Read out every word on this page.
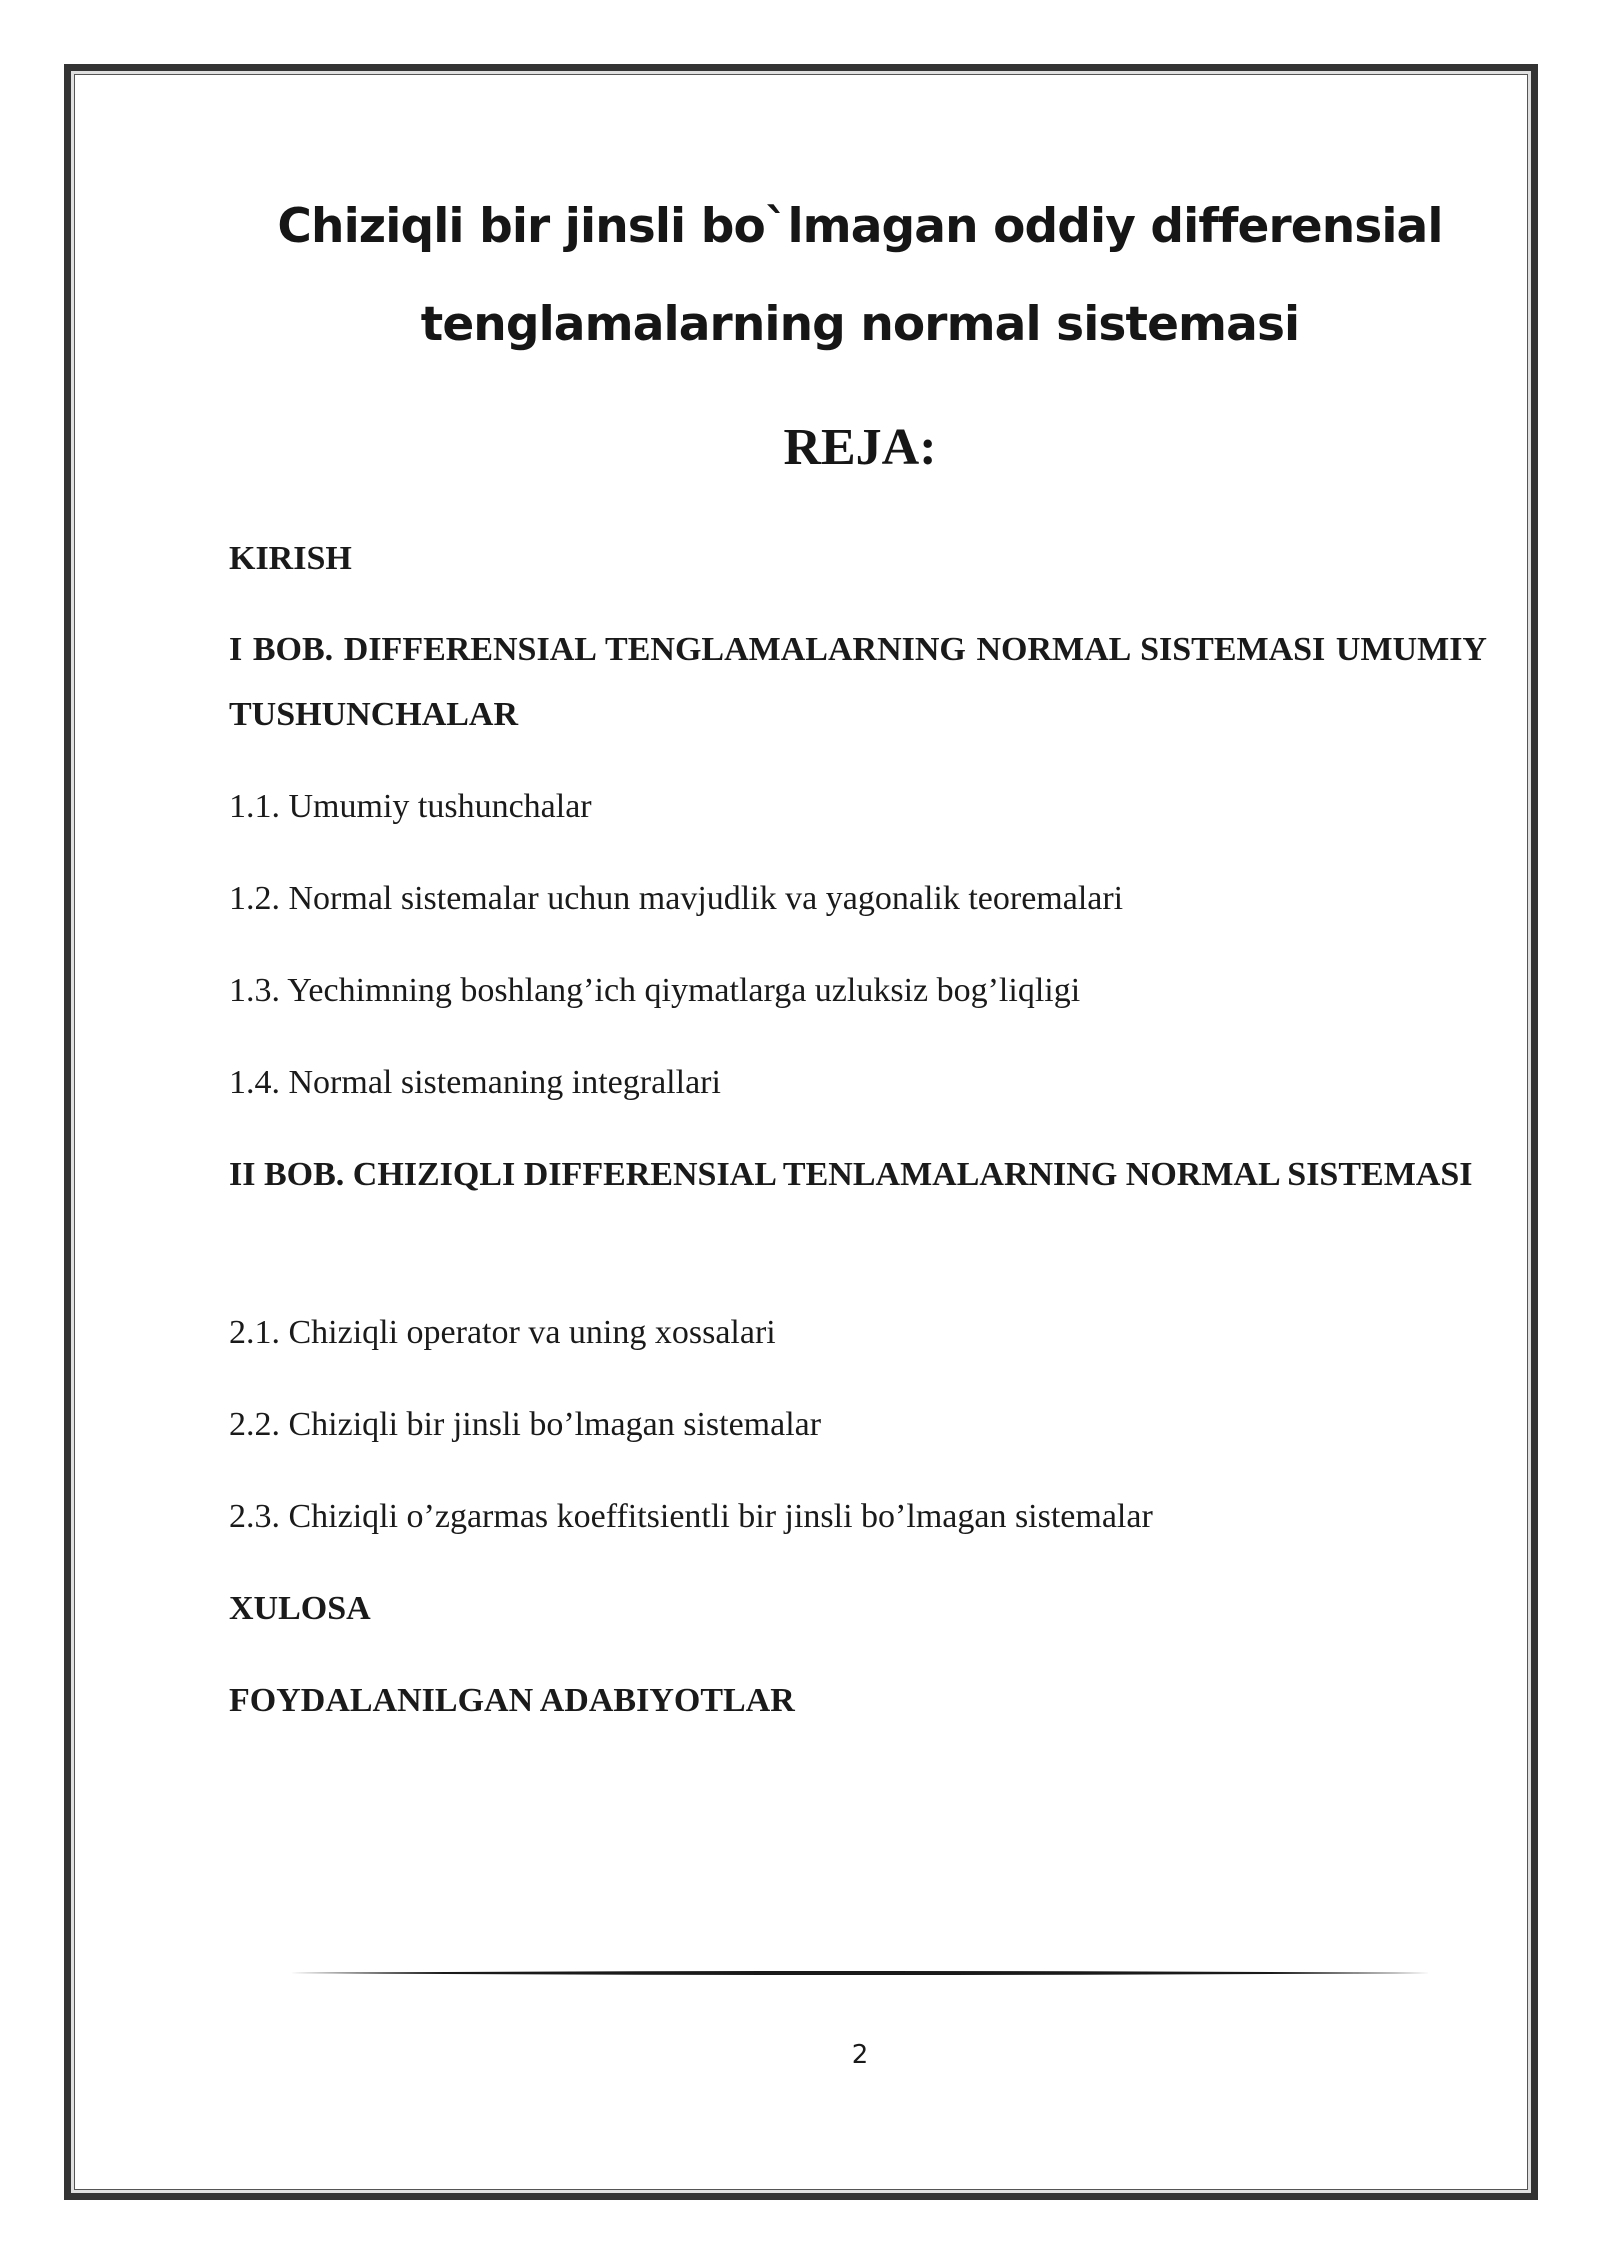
Chiziqli bir jinsli bo`lmagan oddiy differensial
tenglamalarning normal sistemasi
REJA:
KIRISH
I BOB. DIFFERENSIAL TENGLAMALARNING NORMAL SISTEMASI UMUMIY TUSHUNCHALAR
1.1. Umumiy tushunchalar
1.2. Normal sistemalar uchun mavjudlik va yagonalik teoremalari
1.3. Yechimning boshlang’ich qiymatlarga uzluksiz bog’liqligi
1.4. Normal sistemaning integrallari
II BOB. CHIZIQLI DIFFERENSIAL TENLAMALARNING NORMAL SISTEMASI
2.1. Chiziqli operator va uning xossalari
2.2. Chiziqli bir jinsli bo’lmagan sistemalar
2.3. Chiziqli o’zgarmas koeffitsientli bir jinsli bo’lmagan sistemalar
XULOSA
FOYDALANILGAN ADABIYOTLAR
2
